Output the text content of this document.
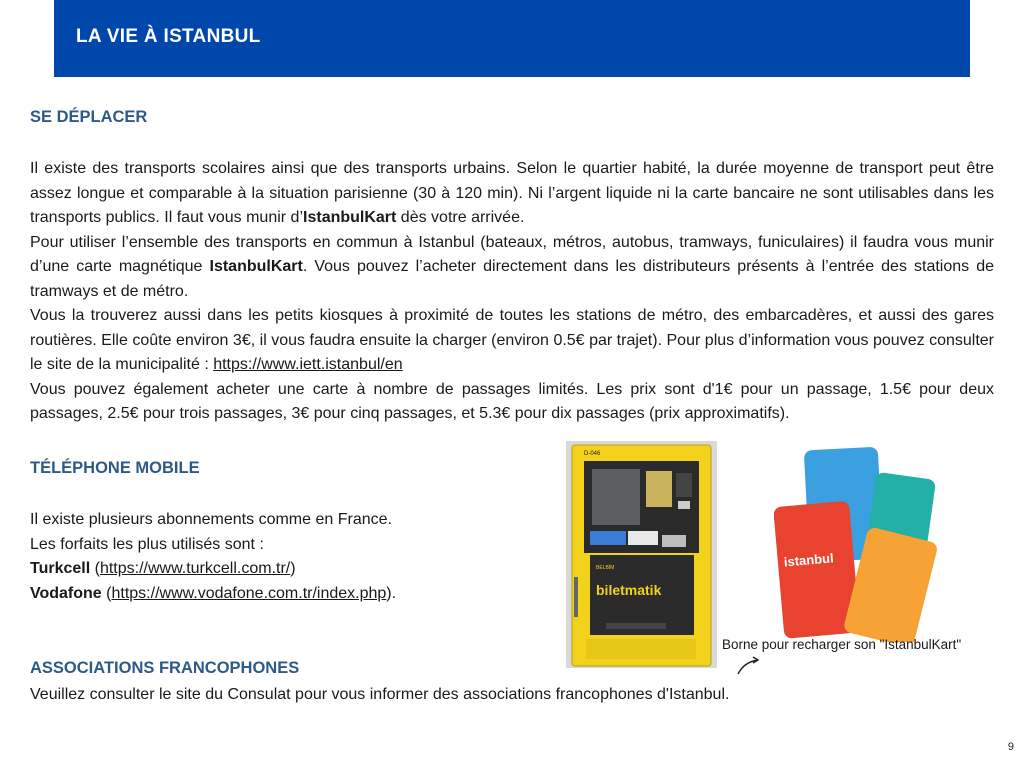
LA VIE À ISTANBUL
SE DÉPLACER

Il existe des transports scolaires ainsi que des transports urbains. Selon le quartier habité, la durée moyenne de transport peut être assez longue et comparable à la situation parisienne (30 à 120 min). Ni l’argent liquide ni la carte bancaire ne sont utilisables dans les transports publics. Il faut vous munir d’IstanbulKart dès votre arrivée.

Pour utiliser l’ensemble des transports en commun à Istanbul (bateaux, métros, autobus, tramways, funiculaires) il faudra vous munir d’une carte magnétique IstanbulKart. Vous pouvez l’acheter directement dans les distributeurs présents à l’entrée des stations de tramways et de métro.

Vous la trouverez aussi dans les petits kiosques à proximité de toutes les stations de métro, des embarcadères, et aussi des gares routières. Elle coûte environ 3€, il vous faudra ensuite la charger (environ 0.5€ par trajet). Pour plus d’information vous pouvez consulter le site de la municipalité : https://www.iett.istanbul/en

Vous pouvez également acheter une carte à nombre de passages limités. Les prix sont d'1€ pour un passage, 1.5€ pour deux passages, 2.5€ pour trois passages, 3€ pour cinq passages, et 5.3€ pour dix passages (prix approximatifs).

TÉLÉPHONE MOBILE
Il existe plusieurs abonnements comme en France.
Les forfaits les plus utilisés sont :
Turkcell (https://www.turkcell.com.tr/)
Vodafone (https://www.vodafone.com.tr/index.php).
ASSOCIATIONS FRANCOPHONES
Veuillez consulter le site du Consulat pour vous informer des associations francophones d'Istanbul.
D-046
BELBİM
biletmatik
istanbul
Borne pour recharger son "IstanbulKart"
9
